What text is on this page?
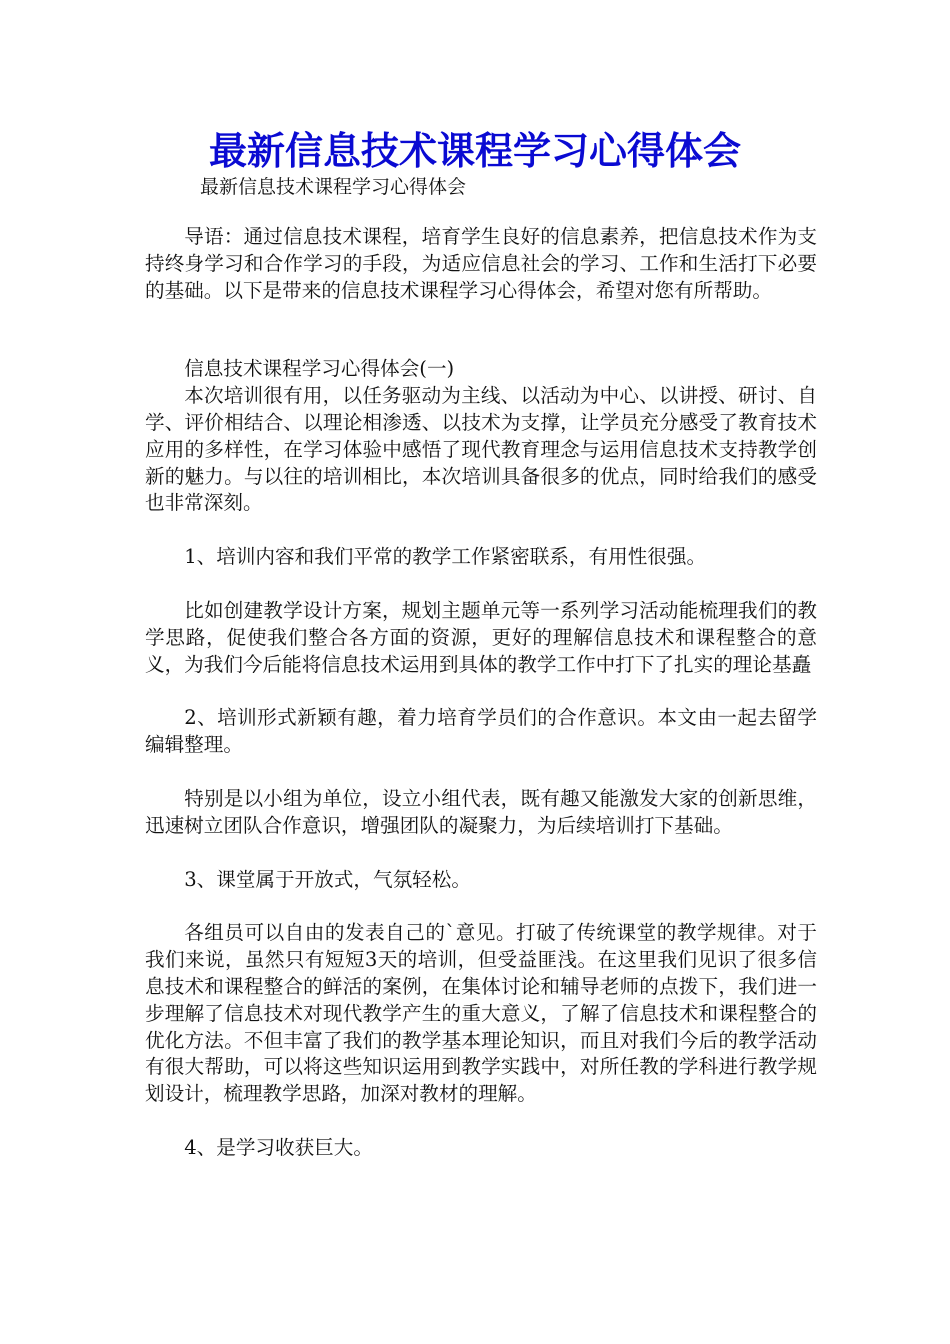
最新信息技术课程学习心得体会

最新信息技术课程学习心得体会

导语：通过信息技术课程，培育学生良好的信息素养，把信息技术作为支持终身学习和合作学习的手段，为适应信息社会的学习、工作和生活打下必要的基础。以下是带来的信息技术课程学习心得体会，希望对您有所帮助。

信息技术课程学习心得体会(一)

本次培训很有用，以任务驱动为主线、以活动为中心、以讲授、研讨、自学、评价相结合、以理论相渗透、以技术为支撑，让学员充分感受了教育技术应用的多样性，在学习体验中感悟了现代教育理念与运用信息技术支持教学创新的魅力。与以往的培训相比，本次培训具备很多的优点，同时给我们的感受也非常深刻。

1、培训内容和我们平常的教学工作紧密联系，有用性很强。

比如创建教学设计方案，规划主题单元等一系列学习活动能梳理我们的教学思路，促使我们整合各方面的资源，更好的理解信息技术和课程整合的意义，为我们今后能将信息技术运用到具体的教学工作中打下了扎实的理论基矗

2、培训形式新颖有趣，着力培育学员们的合作意识。本文由一起去留学编辑整理。

特别是以小组为单位，设立小组代表，既有趣又能激发大家的创新思维，迅速树立团队合作意识，增强团队的凝聚力，为后续培训打下基础。

3、课堂属于开放式，气氛轻松。

各组员可以自由的发表自己的`意见。打破了传统课堂的教学规律。对于我们来说，虽然只有短短3天的培训，但受益匪浅。在这里我们见识了很多信息技术和课程整合的鲜活的案例，在集体讨论和辅导老师的点拨下，我们进一步理解了信息技术对现代教学产生的重大意义，了解了信息技术和课程整合的优化方法。不但丰富了我们的教学基本理论知识，而且对我们今后的教学活动有很大帮助，可以将这些知识运用到教学实践中，对所任教的学科进行教学规划设计，梳理教学思路，加深对教材的理解。

4、是学习收获巨大。
